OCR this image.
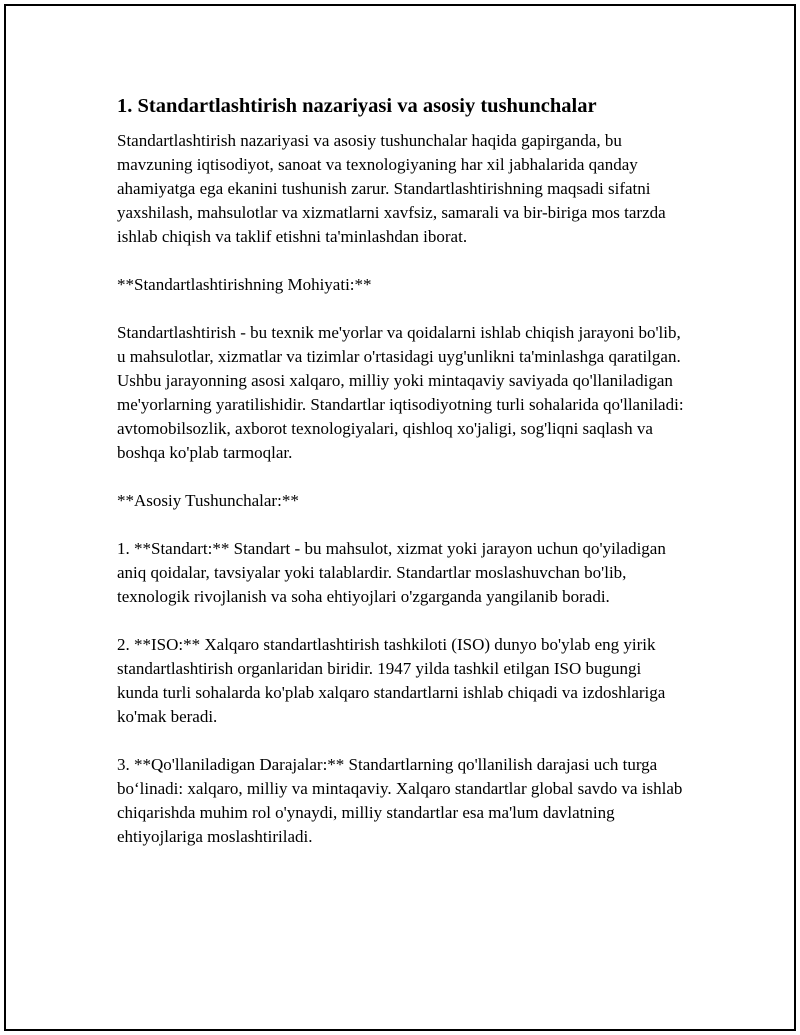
1. Standartlashtirish nazariyasi va asosiy tushunchalar

Standartlashtirish nazariyasi va asosiy tushunchalar haqida gapirganda, bu mavzuning iqtisodiyot, sanoat va texnologiyaning har xil jabhalarida qanday ahamiyatga ega ekanini tushunish zarur. Standartlashtirishning maqsadi sifatni yaxshilash, mahsulotlar va xizmatlarni xavfsiz, samarali va bir-biriga mos tarzda ishlab chiqish va taklif etishni ta'minlashdan iborat.

**Standartlashtirishning Mohiyati:**

Standartlashtirish - bu texnik me'yorlar va qoidalarni ishlab chiqish jarayoni bo'lib, u mahsulotlar, xizmatlar va tizimlar o'rtasidagi uyg'unlikni ta'minlashga qaratilgan. Ushbu jarayonning asosi xalqaro, milliy yoki mintaqaviy saviyada qo'llaniladigan me'yorlarning yaratilishidir. Standartlar iqtisodiyotning turli sohalarida qo'llaniladi: avtomobilsozlik, axborot texnologiyalari, qishloq xo'jaligi, sog'liqni saqlash va boshqa ko'plab tarmoqlar.

**Asosiy Tushunchalar:**

1. **Standart:** Standart - bu mahsulot, xizmat yoki jarayon uchun qo'yiladigan aniq qoidalar, tavsiyalar yoki talablardir. Standartlar moslashuvchan bo'lib, texnologik rivojlanish va soha ehtiyojlari o'zgarganda yangilanib boradi.

2. **ISO:** Xalqaro standartlashtirish tashkiloti (ISO) dunyo bo'ylab eng yirik standartlashtirish organlaridan biridir. 1947 yilda tashkil etilgan ISO bugungi kunda turli sohalarda ko'plab xalqaro standartlarni ishlab chiqadi va izdoshlariga ko'mak beradi.

3. **Qo'llaniladigan Darajalar:** Standartlarning qo'llanilish darajasi uch turga bo‘linadi: xalqaro, milliy va mintaqaviy. Xalqaro standartlar global savdo va ishlab chiqarishda muhim rol o'ynaydi, milliy standartlar esa ma'lum davlatning ehtiyojlariga moslashtiriladi.
